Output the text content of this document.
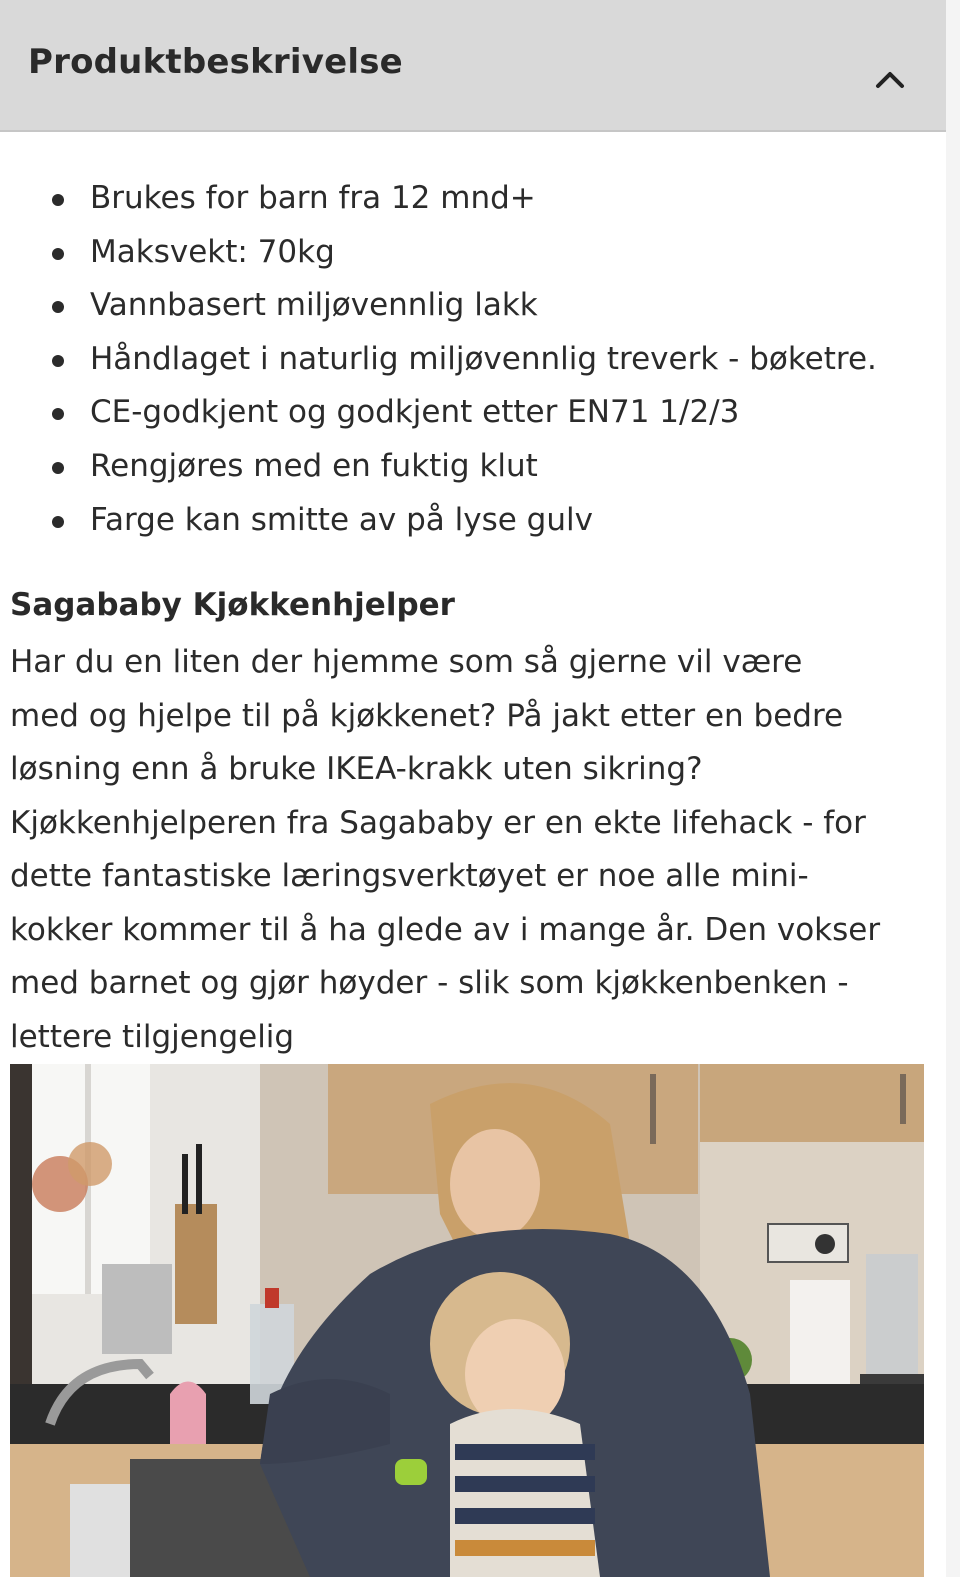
Produktbeskrivelse
Brukes for barn fra 12 mnd+
Maksvekt: 70kg
Vannbasert miljøvennlig lakk
Håndlaget i naturlig miljøvennlig treverk - bøketre.
CE-godkjent og godkjent etter EN71 1/2/3
Rengjøres med en fuktig klut
Farge kan smitte av på lyse gulv
Sagababy Kjøkkenhjelper

Har du en liten der hjemme som så gjerne vil være
med og hjelpe til på kjøkkenet? På jakt etter en bedre
løsning enn å bruke IKEA-krakk uten sikring?
Kjøkkenhjelperen fra Sagababy er en ekte lifehack - for
dette fantastiske læringsverktøyet er noe alle mini-
kokker kommer til å ha glede av i mange år. Den vokser
med barnet og gjør høyder - slik som kjøkkenbenken -
lettere tilgjengelig
